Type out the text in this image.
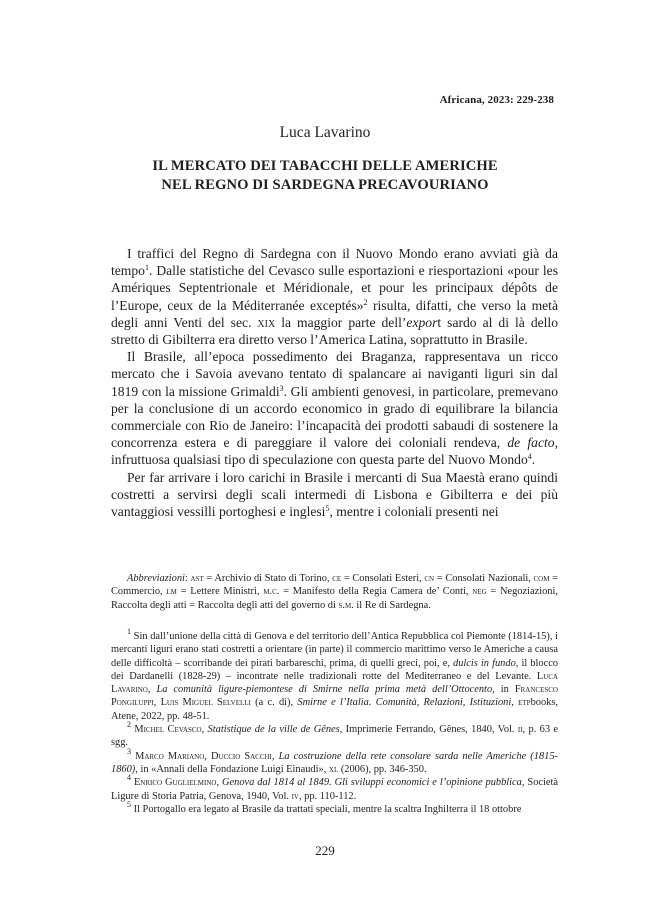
Africana, 2023: 229-238
Luca Lavarino
IL MERCATO DEI TABACCHI DELLE AMERICHE
NEL REGNO DI SARDEGNA PRECAVOURIANO

I traffici del Regno di Sardegna con il Nuovo Mondo erano avviati già da tempo$^1$. Dalle statistiche del Cevasco sulle esportazioni e riesportazioni «pour les Amériques Septentrionale et Méridionale, et pour les principaux dépôts de l’Europe, ceux de la Méditerranée exceptés»$^2$ risulta, difatti, che verso la metà degli anni Venti del sec. xix la maggior parte dell’export sardo al di là dello stretto di Gibilterra era diretto verso l’America Latina, soprattutto in Brasile.

Il Brasile, all’epoca possedimento dei Braganza, rappresentava un ricco mercato che i Savoia avevano tentato di spalancare ai naviganti liguri sin dal 1819 con la missione Grimaldi$^3$. Gli ambienti genovesi, in particolare, premevano per la conclusione di un accordo economico in grado di equilibrare la bilancia commerciale con Rio de Janeiro: l’incapacità dei prodotti sabaudi di sostenere la concorrenza estera e di pareggiare il valore dei coloniali rendeva, de facto, infruttuosa qualsiasi tipo di speculazione con questa parte del Nuovo Mondo$^4$.

Per far arrivare i loro carichi in Brasile i mercanti di Sua Maestà erano quindi costretti a servirsi degli scali intermedi di Lisbona e Gibilterra e dei più vantaggiosi vessilli portoghesi e inglesi$^5$, mentre i coloniali presenti nei

Abbreviazioni: ast = Archivio di Stato di Torino, ce = Consolati Esteri, cn = Consolati Nazionali, com = Commercio, lm = Lettere Ministri, m.c. = Manifesto della Regia Camera de’ Conti, neg = Negoziazioni, Raccolta degli atti = Raccolta degli atti del governo di s.m. il Re di Sardegna.

$^1$ Sin dall’unione della città di Genova e del territorio dell’Antica Repubblica col Piemonte (1814-15), i mercanti liguri erano stati costretti a orientare (in parte) il commercio marittimo verso le Americhe a causa delle difficoltà – scorribande dei pirati barbareschi, prima, di quelli greci, poi, e, dulcis in fundo, il blocco dei Dardanelli (1828-29) – incontrate nelle tradizionali rotte del Mediterraneo e del Levante. Luca Lavarino, La comunità ligure-piemontese di Smirne nella prima metà dell’Ottocento, in Francesco Pongiluppi, Luis Miguel Selvelli (a c. di), Smirne e l’Italia. Comunità, Relazioni, Istituzioni, etpbooks, Atene, 2022, pp. 48-51.

$^2$ Michel Cevasco, Statistique de la ville de Gênes, Imprimerie Ferrando, Gênes, 1840, Vol. ii, p. 63 e sgg.

$^3$ Marco Mariano, Duccio Sacchi, La costruzione della rete consolare sarda nelle Americhe (1815-1860), in «Annali della Fondazione Luigi Einaudi», xl (2006), pp. 346-350.

$^4$ Enrico Guglielmino, Genova dal 1814 al 1849. Gli sviluppi economici e l’opinione pubblica, Società Ligure di Storia Patria, Genova, 1940, Vol. iv, pp. 110-112.

$^5$ Il Portogallo era legato al Brasile da trattati speciali, mentre la scaltra Inghilterra il 18 ottobre

229
